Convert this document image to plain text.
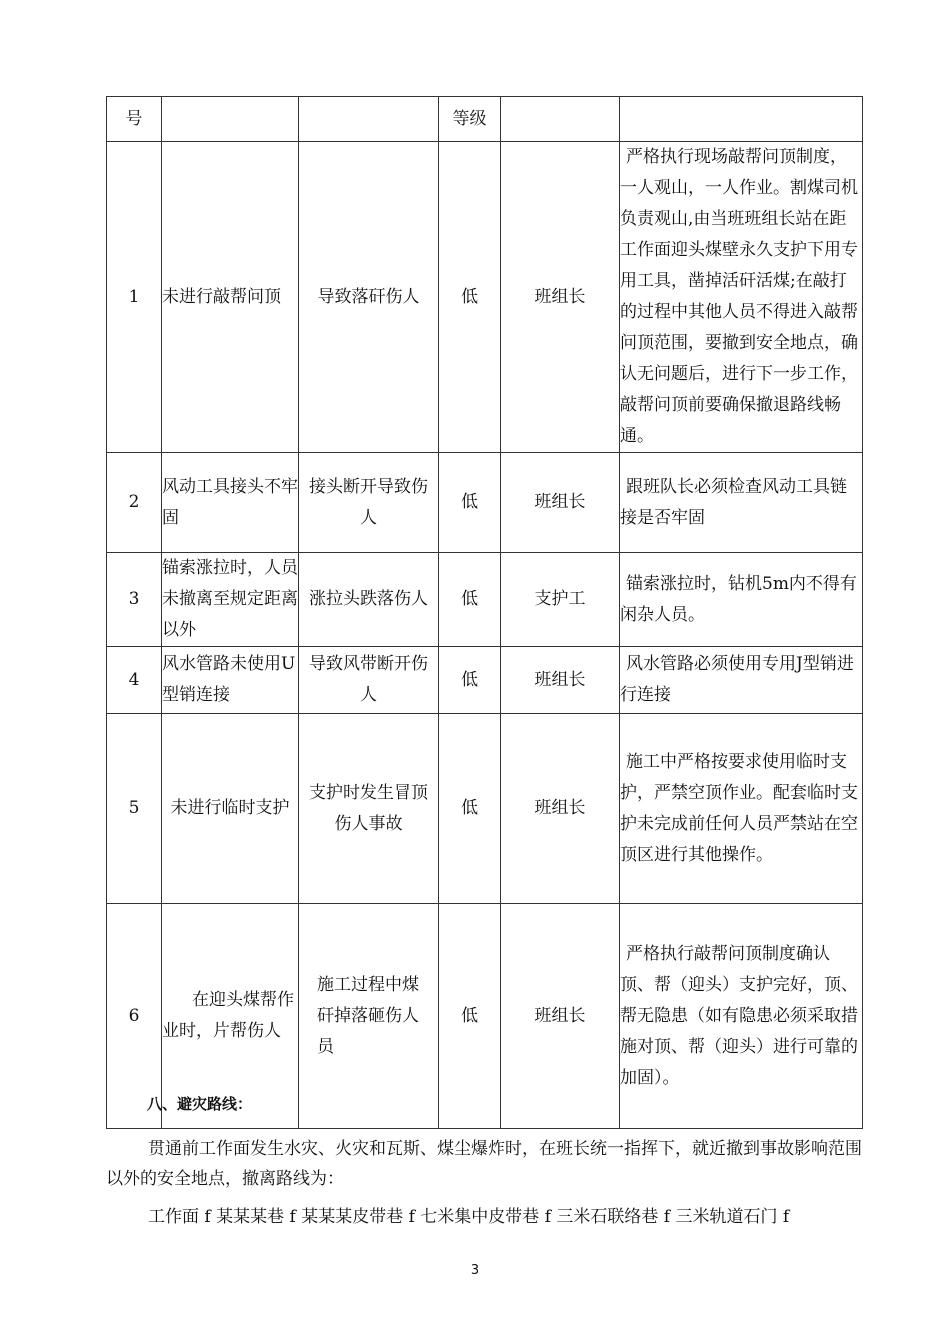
号			等级		
1	未进行敲帮问顶	导致落矸伤人	低	班组长	严格执行现场敲帮问顶制度，一人观山，一人作业。割煤司机负责观山,由当班班组长站在距工作面迎头煤壁永久支护下用专用工具，凿掉活矸活煤;在敲打的过程中其他人员不得进入敲帮问顶范围，要撤到安全地点，确认无问题后，进行下一步工作，敲帮问顶前要确保撤退路线畅通。
2	风动工具接头不牢固	接头断开导致伤人	低	班组长	跟班队长必须检查风动工具链接是否牢固
3	锚索涨拉时，人员未撤离至规定距离以外	涨拉头跌落伤人	低	支护工	锚索涨拉时，钻机5m内不得有闲杂人员。
4	风水管路未使用U型销连接	导致风带断开伤人	低	班组长	风水管路必须使用专用J型销进行连接
5	未进行临时支护	支护时发生冒顶伤人事故	低	班组长	施工中严格按要求使用临时支护，严禁空顶作业。配套临时支护未完成前任何人员严禁站在空顶区进行其他操作。
6	在迎头煤帮作业时，片帮伤人	施工过程中煤矸掉落砸伤人员	低	班组长	严格执行敲帮问顶制度确认顶、帮（迎头）支护完好，顶、帮无隐患（如有隐患必须采取措施对顶、帮（迎头）进行可靠的加固）。
八、避灾路线：
贯通前工作面发生水灾、火灾和瓦斯、煤尘爆炸时，在班长统一指挥下，就近撤到事故影响范围以外的安全地点，撤离路线为：
工作面 f 某某某巷 f 某某某皮带巷 f 七米集中皮带巷 f 三米石联络巷 f 三米轨道石门 f
3
